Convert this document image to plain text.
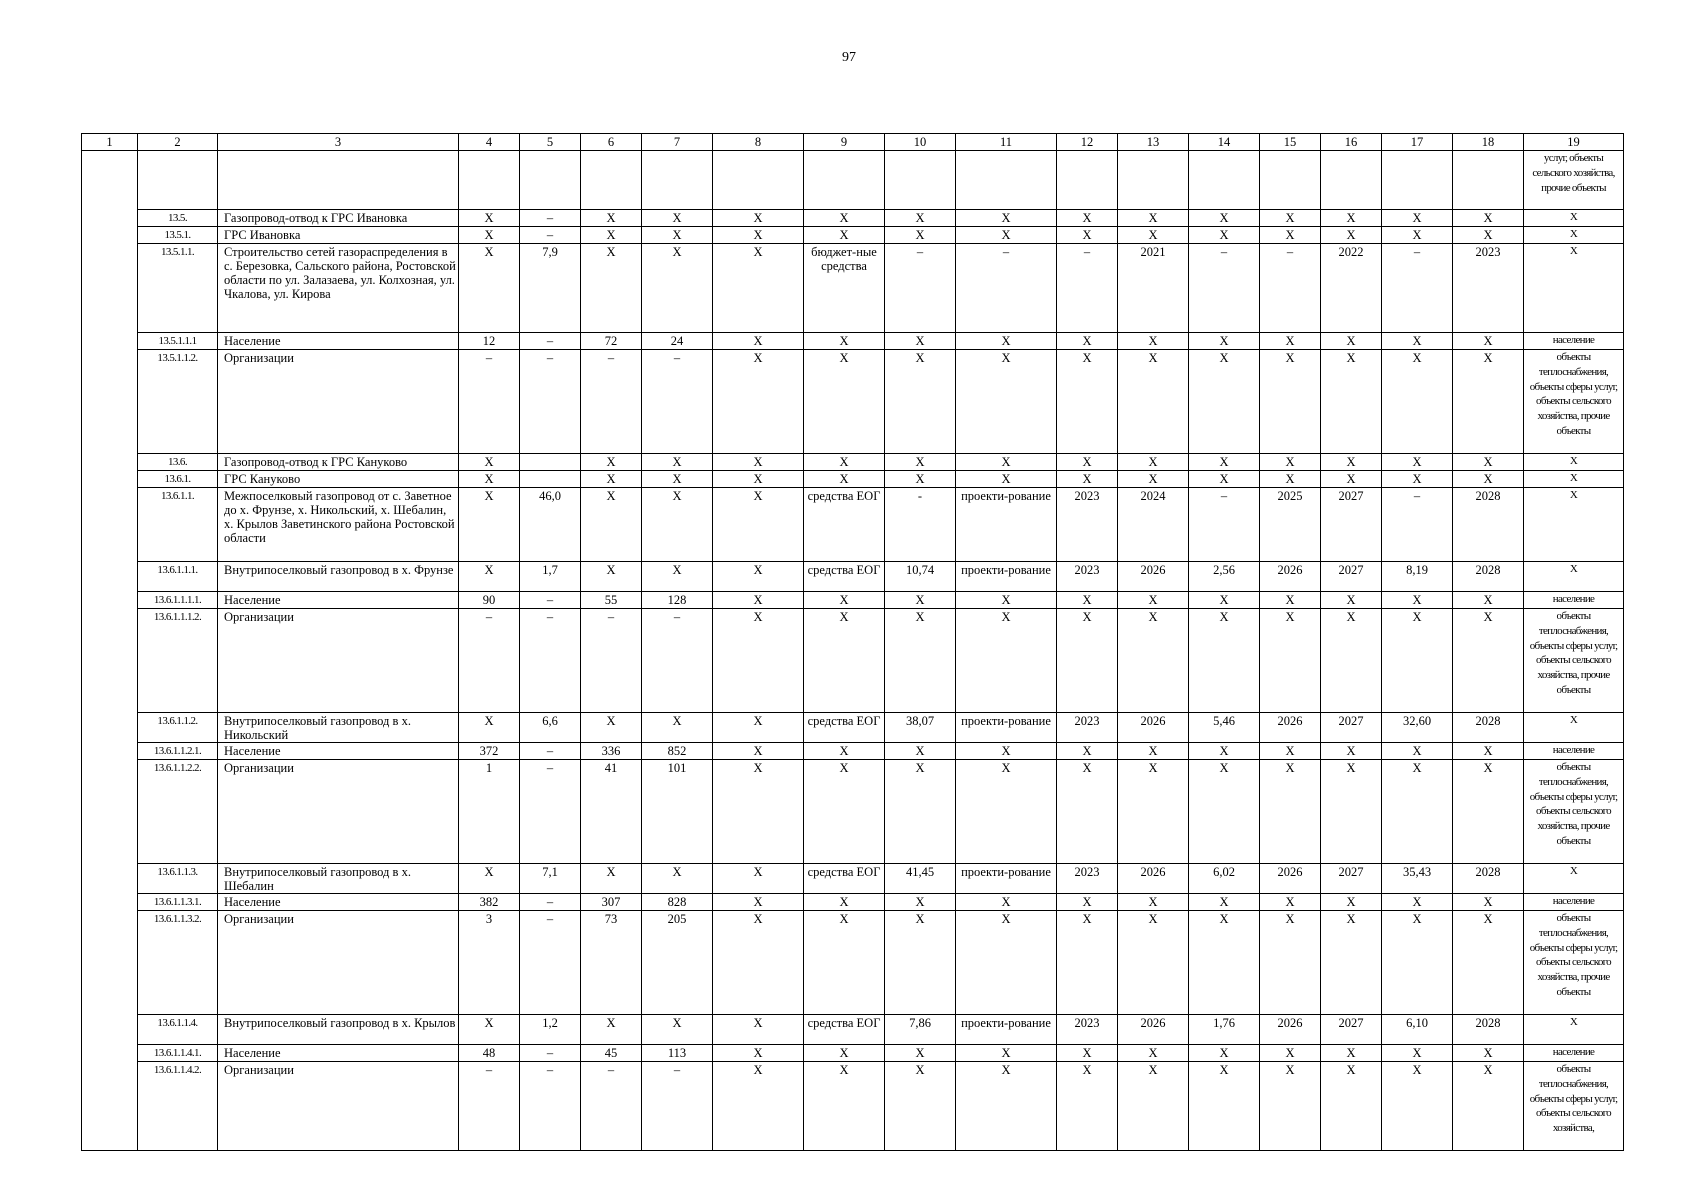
97
1	2	3	4	5	6	7	8	9	10	11	12	13	14	15	16	17	18	19
																		услуг, объекты сельского хозяйства, прочие объекты
	13.5.	Газопровод-отвод к ГРС Ивановка	X	–	X	X	X	X	X	X	X	X	X	X	X	X	X	X
	13.5.1.	ГРС Ивановка	X	–	X	X	X	X	X	X	X	X	X	X	X	X	X	X
	13.5.1.1.	Строительство сетей газораспределения в с. Березовка, Сальского района, Ростовской области по ул. Залазаева, ул. Колхозная, ул. Чкалова, ул. Кирова	X	7,9	X	X	X	бюджет-ные средства	–	–	–	2021	–	–	2022	–	2023	X
	13.5.1.1.1	Население	12	–	72	24	X	X	X	X	X	X	X	X	X	X	X	население
	13.5.1.1.2.	Организации	–	–	–	–	X	X	X	X	X	X	X	X	X	X	X	объекты теплоснабжения, объекты сферы услуг, объекты сельского хозяйства, прочие объекты
	13.6.	Газопровод-отвод к ГРС Кануково	X		X	X	X	X	X	X	X	X	X	X	X	X	X	X
	13.6.1.	ГРС Кануково	X		X	X	X	X	X	X	X	X	X	X	X	X	X	X
	13.6.1.1.	Межпоселковый газопровод от с. Заветное до х. Фрунзе, х. Никольский, х. Шебалин, х. Крылов Заветинского района Ростовской области	X	46,0	X	X	X	средства ЕОГ	-	проекти-рование	2023	2024	–	2025	2027	–	2028	X
	13.6.1.1.1.	Внутрипоселковый газопровод в х. Фрунзе	X	1,7	X	X	X	средства ЕОГ	10,74	проекти-рование	2023	2026	2,56	2026	2027	8,19	2028	X
	13.6.1.1.1.1.	Население	90	–	55	128	X	X	X	X	X	X	X	X	X	X	X	население
	13.6.1.1.1.2.	Организации	–	–	–	–	X	X	X	X	X	X	X	X	X	X	X	объекты теплоснабжения, объекты сферы услуг, объекты сельского хозяйства, прочие объекты
	13.6.1.1.2.	Внутрипоселковый газопровод в х. Никольский	X	6,6	X	X	X	средства ЕОГ	38,07	проекти-рование	2023	2026	5,46	2026	2027	32,60	2028	X
	13.6.1.1.2.1.	Население	372	–	336	852	X	X	X	X	X	X	X	X	X	X	X	население
	13.6.1.1.2.2.	Организации	1	–	41	101	X	X	X	X	X	X	X	X	X	X	X	объекты теплоснабжения, объекты сферы услуг, объекты сельского хозяйства, прочие объекты
	13.6.1.1.3.	Внутрипоселковый газопровод в х. Шебалин	X	7,1	X	X	X	средства ЕОГ	41,45	проекти-рование	2023	2026	6,02	2026	2027	35,43	2028	X
	13.6.1.1.3.1.	Население	382	–	307	828	X	X	X	X	X	X	X	X	X	X	X	население
	13.6.1.1.3.2.	Организации	3	–	73	205	X	X	X	X	X	X	X	X	X	X	X	объекты теплоснабжения, объекты сферы услуг, объекты сельского хозяйства, прочие объекты
	13.6.1.1.4.	Внутрипоселковый газопровод в х. Крылов	X	1,2	X	X	X	средства ЕОГ	7,86	проекти-рование	2023	2026	1,76	2026	2027	6,10	2028	X
	13.6.1.1.4.1.	Население	48	–	45	113	X	X	X	X	X	X	X	X	X	X	X	население
	13.6.1.1.4.2.	Организации	–	–	–	–	X	X	X	X	X	X	X	X	X	X	X	объекты теплоснабжения, объекты сферы услуг, объекты сельского хозяйства,
